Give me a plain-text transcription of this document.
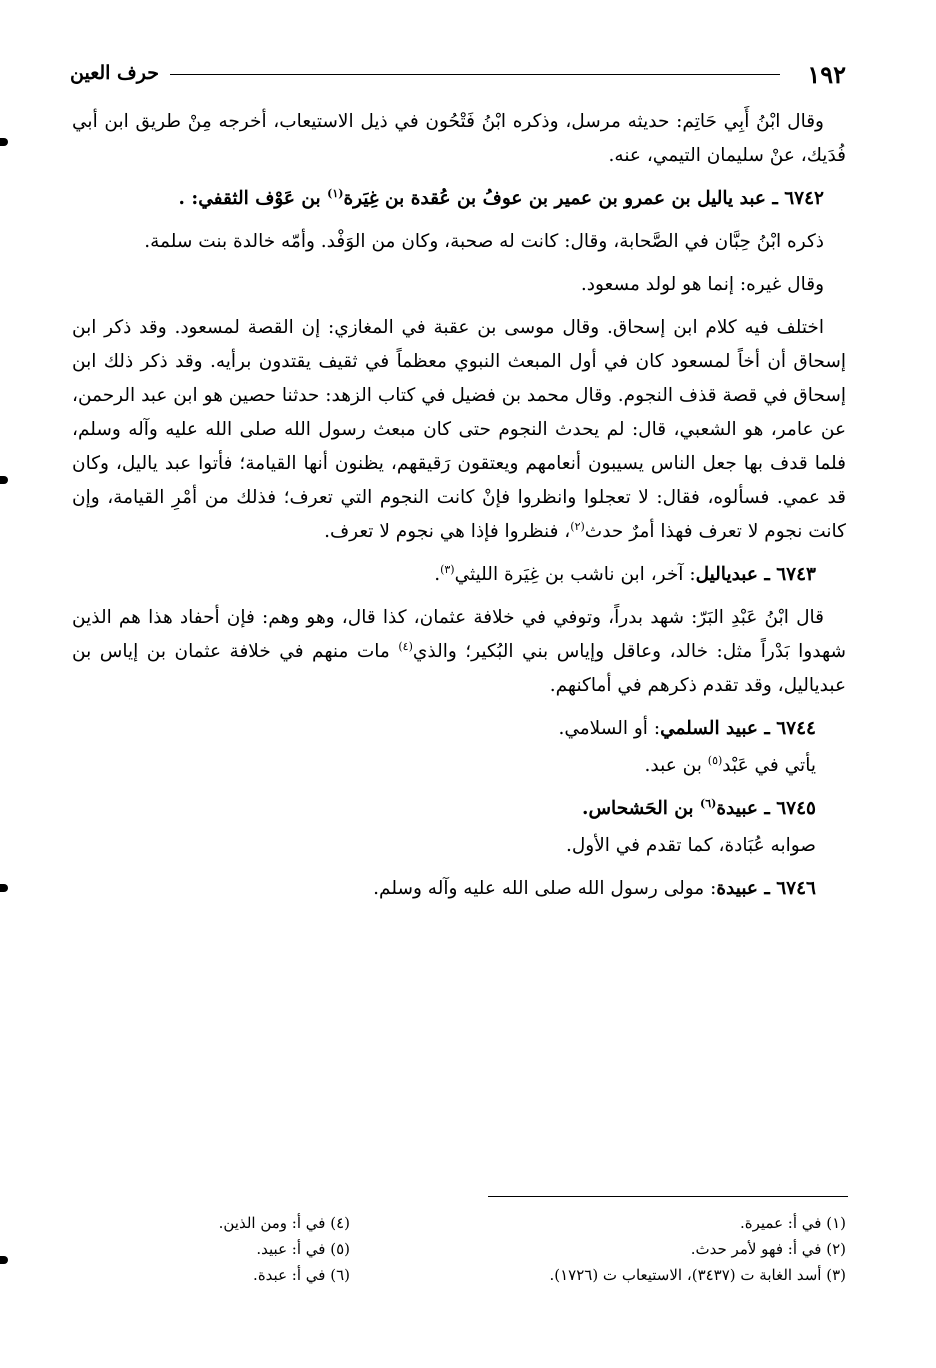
١٩٢
حرف العين

وقال ابْنُ أَبِي حَاتِم: حديثه مرسل، وذكره ابْنُ فَتْحُون في ذيل الاستيعاب، أخرجه مِنْ طريق ابن أبي فُدَيك، عنْ سليمان التيمي، عنه.

٦٧٤٢ ـ عبد ياليل بن عمرو بن عمير بن عوفُ بن عُقدة بن غِيَرة$^{(١)}$ بن عَوْف الثقفي: .

ذكره ابْنُ حِبَّان في الصَّحابة، وقال: كانت له صحبة، وكان من الوَفْد. وأمّه خالدة بنت سلمة.

وقال غيره: إنما هو لولد مسعود.

اختلف فيه كلام ابن إسحاق. وقال موسى بن عقبة في المغازي: إن القصة لمسعود. وقد ذكر ابن إسحاق أن أخاً لمسعود كان في أول المبعث النبوي معظماً في ثقيف يقتدون برأيه. وقد ذكر ذلك ابن إسحاق في قصة قذف النجوم. وقال محمد بن فضيل في كتاب الزهد: حدثنا حصين هو ابن عبد الرحمن، عن عامر، هو الشعبي، قال: لم يحدث النجوم حتى كان مبعث رسول الله صلى الله عليه وآله وسلم، فلما قدف بها جعل الناس يسيبون أنعامهم ويعتقون رَقيقهم، يظنون أنها القيامة؛ فأتوا عبد ياليل، وكان قد عمي. فسألوه، فقال: لا تعجلوا وانظروا فإنْ كانت النجوم التي تعرف؛ فذلك من أمْرِ القيامة، وإن كانت نجوم لا تعرف فهذا أمرٌ حدث$^{(٢)}$، فنظروا فإذا هي نجوم لا تعرف.

٦٧٤٣ ـ عبدياليل: آخر، ابن ناشب بن غِيَرة الليثي$^{(٣)}$.

قال ابْنُ عَبْدِ البَرّ: شهد بدراً، وتوفي في خلافة عثمان، كذا قال، وهو وهم: فإن أحفاد هذا هم الذين شهدوا بَدْراً مثل: خالد، وعاقل وإياس بني البُكير؛ والذي$^{(٤)}$ مات منهم في خلافة عثمان بن إياس بن عبدياليل، وقد تقدم ذكرهم في أماكنهم.

٦٧٤٤ ـ عبيد السلمي: أو السلامي.

يأتي في عَبْد$^{(٥)}$ بن عبد.

٦٧٤٥ ـ عبيدة$^{(٦)}$ بن الحَشحاس.

صوابه عُبَادة، كما تقدم في الأول.

٦٧٤٦ ـ عبيدة: مولى رسول الله صلى الله عليه وآله وسلم.

(١) في أ: عميرة.
(٢) في أ: فهو لأمر حدث.
(٣) أسد الغابة ت (٣٤٣٧)، الاستيعاب ت (١٧٢٦).
(٤) في أ: ومن الذين.
(٥) في أ: عبيد.
(٦) في أ: عبدة.
